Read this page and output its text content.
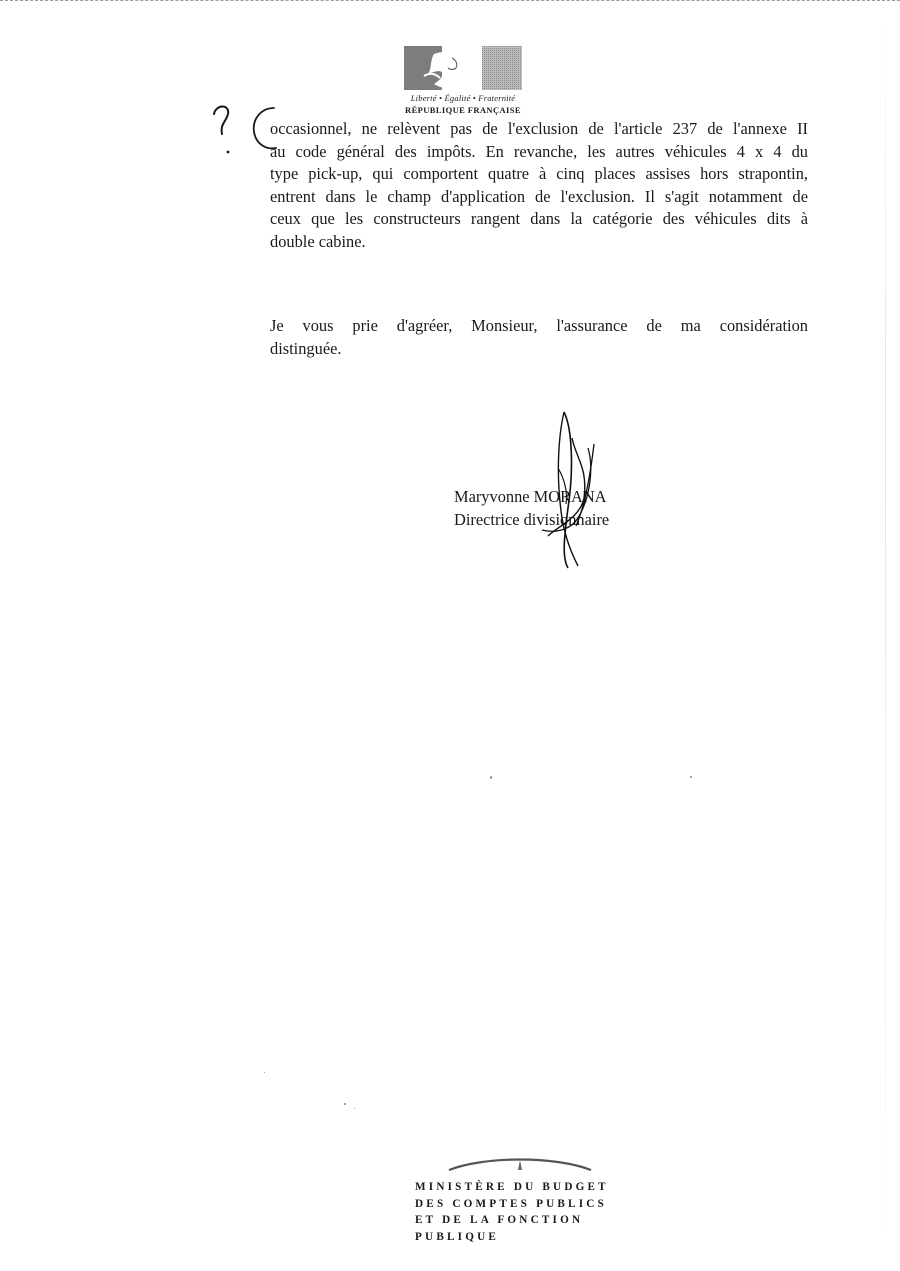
Liberté • Égalité • Fraternité
RÉPUBLIQUE FRANÇAISE
occasionnel, ne relèvent pas de l'exclusion de l'article 237 de l'annexe II
au code général des impôts. En revanche, les autres véhicules 4 x 4 du
type pick-up, qui comportent quatre à cinq places assises hors strapontin,
entrent dans le champ d'application de l'exclusion. Il s'agit notamment de
ceux que les constructeurs rangent dans la catégorie des véhicules dits à
double cabine.
Je vous prie d'agréer, Monsieur, l'assurance de ma considération
distinguée.
Maryvonne MORANA
Directrice divisionnaire
MINISTÈRE DU BUDGET
DES COMPTES PUBLICS
ET DE LA FONCTION PUBLIQUE
